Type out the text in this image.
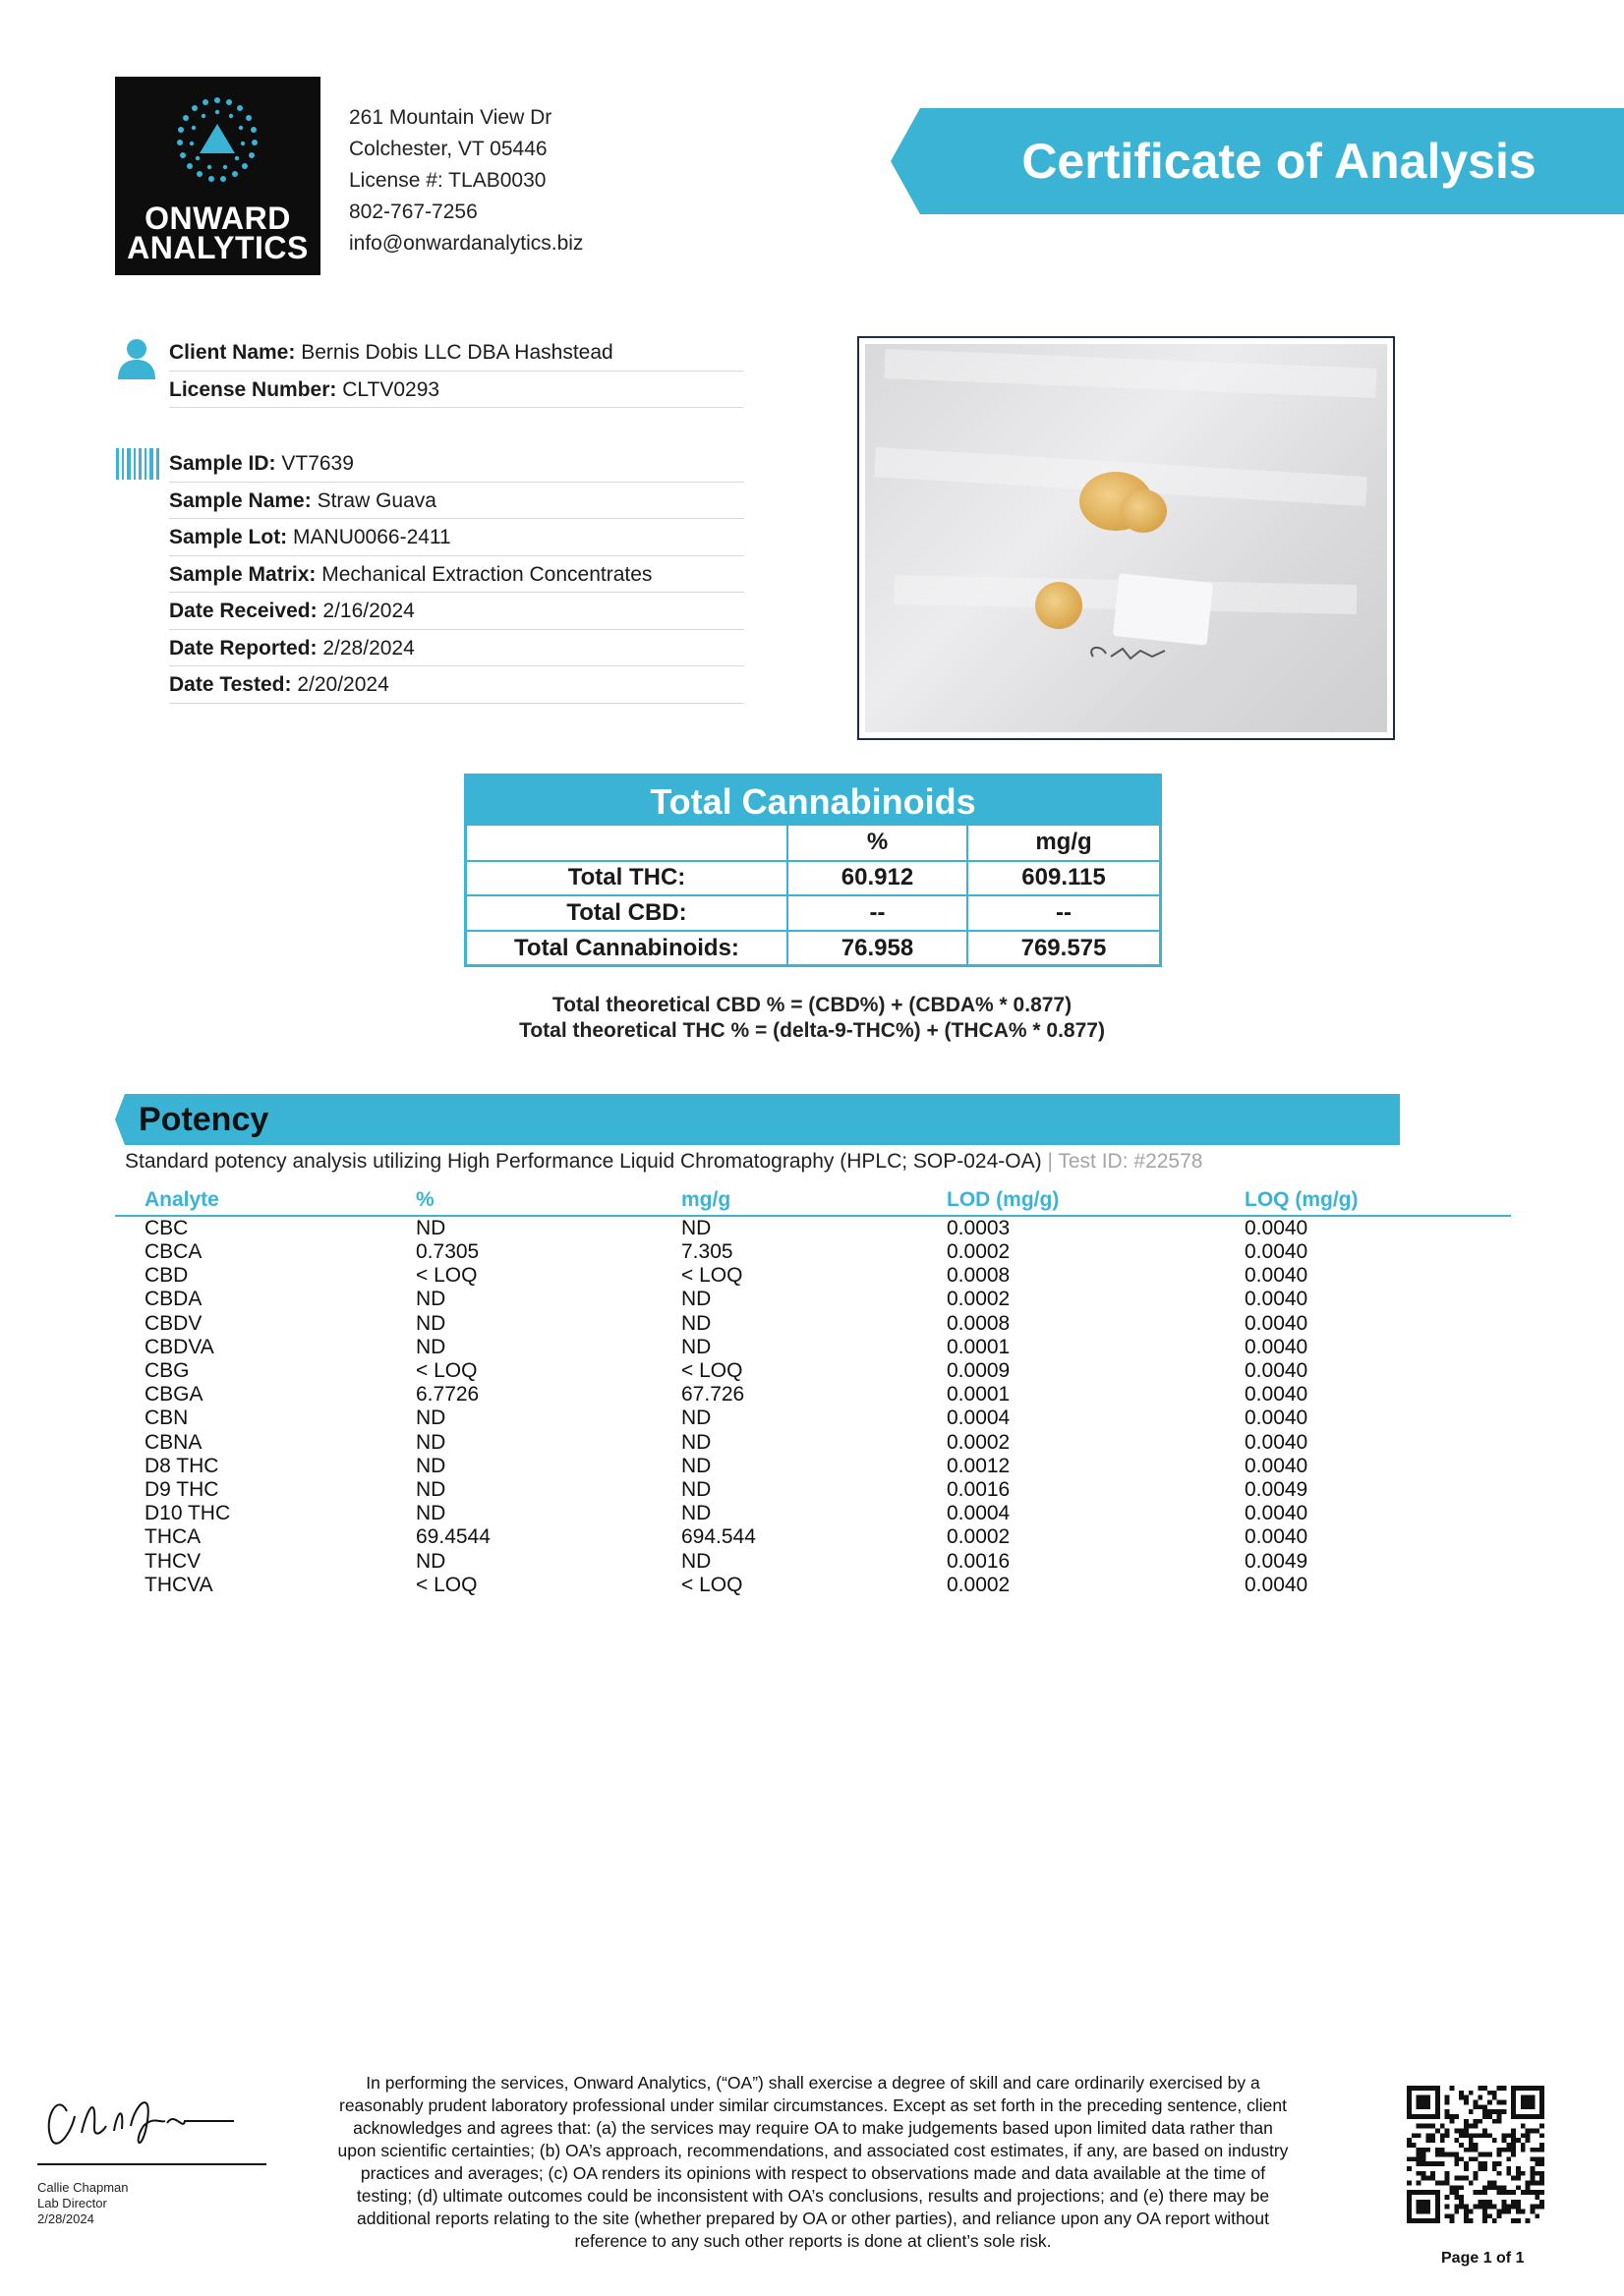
ONWARD
ANALYTICS
261 Mountain View Dr
Colchester, VT 05446
License #: TLAB0030
802-767-7256
info@onwardanalytics.biz
Certificate of Analysis
Client Name: Bernis Dobis LLC DBA Hashstead
License Number: CLTV0293
Sample ID: VT7639
Sample Name: Straw Guava
Sample Lot: MANU0066-2411
Sample Matrix: Mechanical Extraction Concentrates
Date Received: 2/16/2024
Date Reported: 2/28/2024
Date Tested: 2/20/2024
Total Cannabinoids
	%	mg/g
Total THC:	60.912	609.115
Total CBD:	--	--
Total Cannabinoids:	76.958	769.575
Total theoretical CBD % = (CBD%) + (CBDA% * 0.877)
Total theoretical THC % = (delta-9-THC%) + (THCA% * 0.877)
Potency
Standard potency analysis utilizing High Performance Liquid Chromatography (HPLC; SOP-024-OA) | Test ID: #22578
Analyte	%	mg/g	LOD (mg/g)	LOQ (mg/g)
CBC	ND	ND	0.0003	0.0040
CBCA	0.7305	7.305	0.0002	0.0040
CBD	< LOQ	< LOQ	0.0008	0.0040
CBDA	ND	ND	0.0002	0.0040
CBDV	ND	ND	0.0008	0.0040
CBDVA	ND	ND	0.0001	0.0040
CBG	< LOQ	< LOQ	0.0009	0.0040
CBGA	6.7726	67.726	0.0001	0.0040
CBN	ND	ND	0.0004	0.0040
CBNA	ND	ND	0.0002	0.0040
D8 THC	ND	ND	0.0012	0.0040
D9 THC	ND	ND	0.0016	0.0049
D10 THC	ND	ND	0.0004	0.0040
THCA	69.4544	694.544	0.0002	0.0040
THCV	ND	ND	0.0016	0.0049
THCVA	< LOQ	< LOQ	0.0002	0.0040
Callie Chapman
Lab Director
2/28/2024
In performing the services, Onward Analytics, (“OA”) shall exercise a degree of skill and care ordinarily exercised by a
reasonably prudent laboratory professional under similar circumstances. Except as set forth in the preceding sentence, client
acknowledges and agrees that: (a) the services may require OA to make judgements based upon limited data rather than
upon scientific certainties; (b) OA’s approach, recommendations, and associated cost estimates, if any, are based on industry
practices and averages; (c) OA renders its opinions with respect to observations made and data available at the time of
testing; (d) ultimate outcomes could be inconsistent with OA’s conclusions, results and projections; and (e) there may be
additional reports relating to the site (whether prepared by OA or other parties), and reliance upon any OA report without
reference to any such other reports is done at client’s sole risk.
Page 1 of 1
